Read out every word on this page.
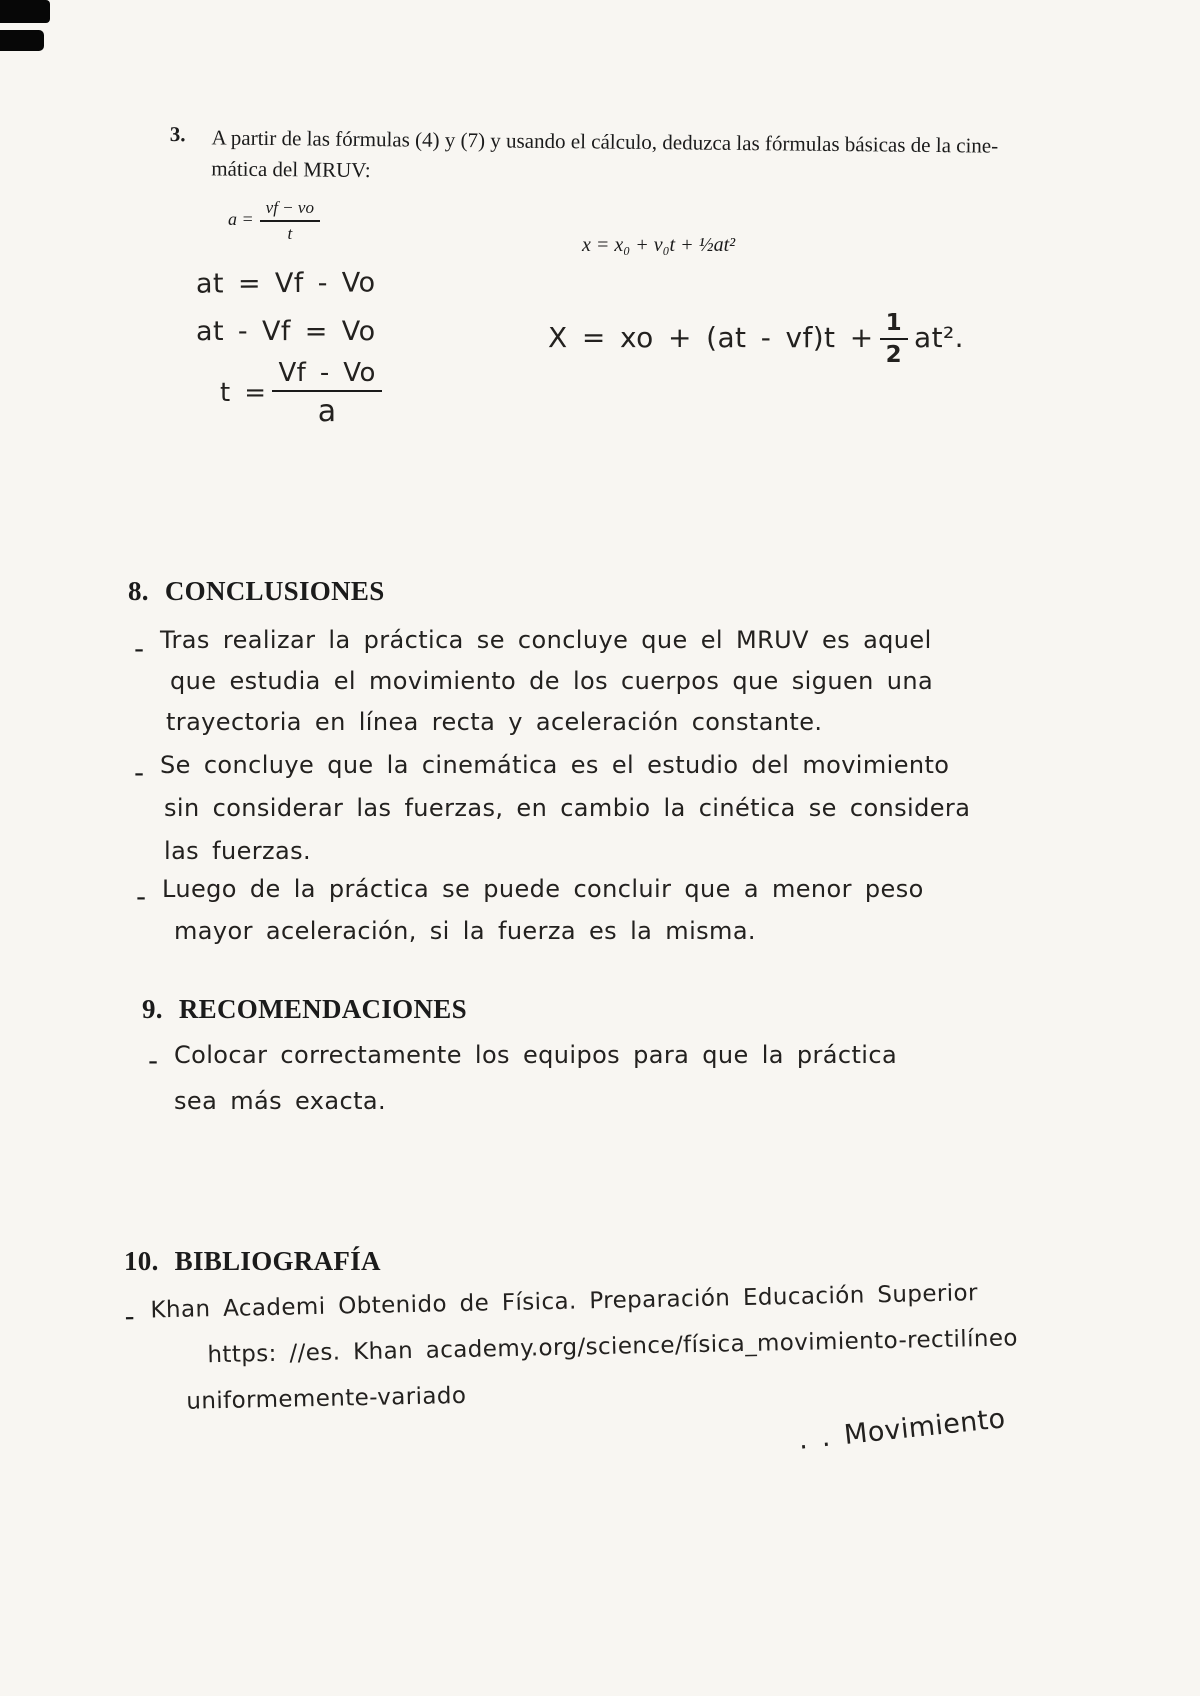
3. A partir de las fórmulas (4) y (7) y usando el cálculo, deduzca las fórmulas básicas de la cine-
mática del MRUV:
$a = \frac{vf - vo}{t}$
at = Vf - Vo
at - Vf = Vo
$t = \frac{Vf - Vo}{a}$
x = x₀ + v₀t + ½at²
X = xo + $(at - vf)t + \frac{1}{2} at^2$.
8. CONCLUSIONES
- Tras realizar la práctica se concluye que el MRUV es aquel
que estudia el movimiento de los cuerpos que siguen una
trayectoria en línea recta y aceleración constante.
- Se concluye que la cinemática es el estudio del movimiento
sin considerar las fuerzas, en cambio la cinética se considera
las fuerzas.
- Luego de la práctica se puede concluir que a menor peso
mayor aceleración, si la fuerza es la misma.
9. RECOMENDACIONES
- Colocar correctamente los equipos para que la práctica
sea más exacta.
10. BIBLIOGRAFÍA
- Khan Academi Obtenido de Física. Preparación Educación Superior
https: //es. Khan academy.org/science/física_movimiento-rectilíneo
uniformemente-variado
. . Movimiento
